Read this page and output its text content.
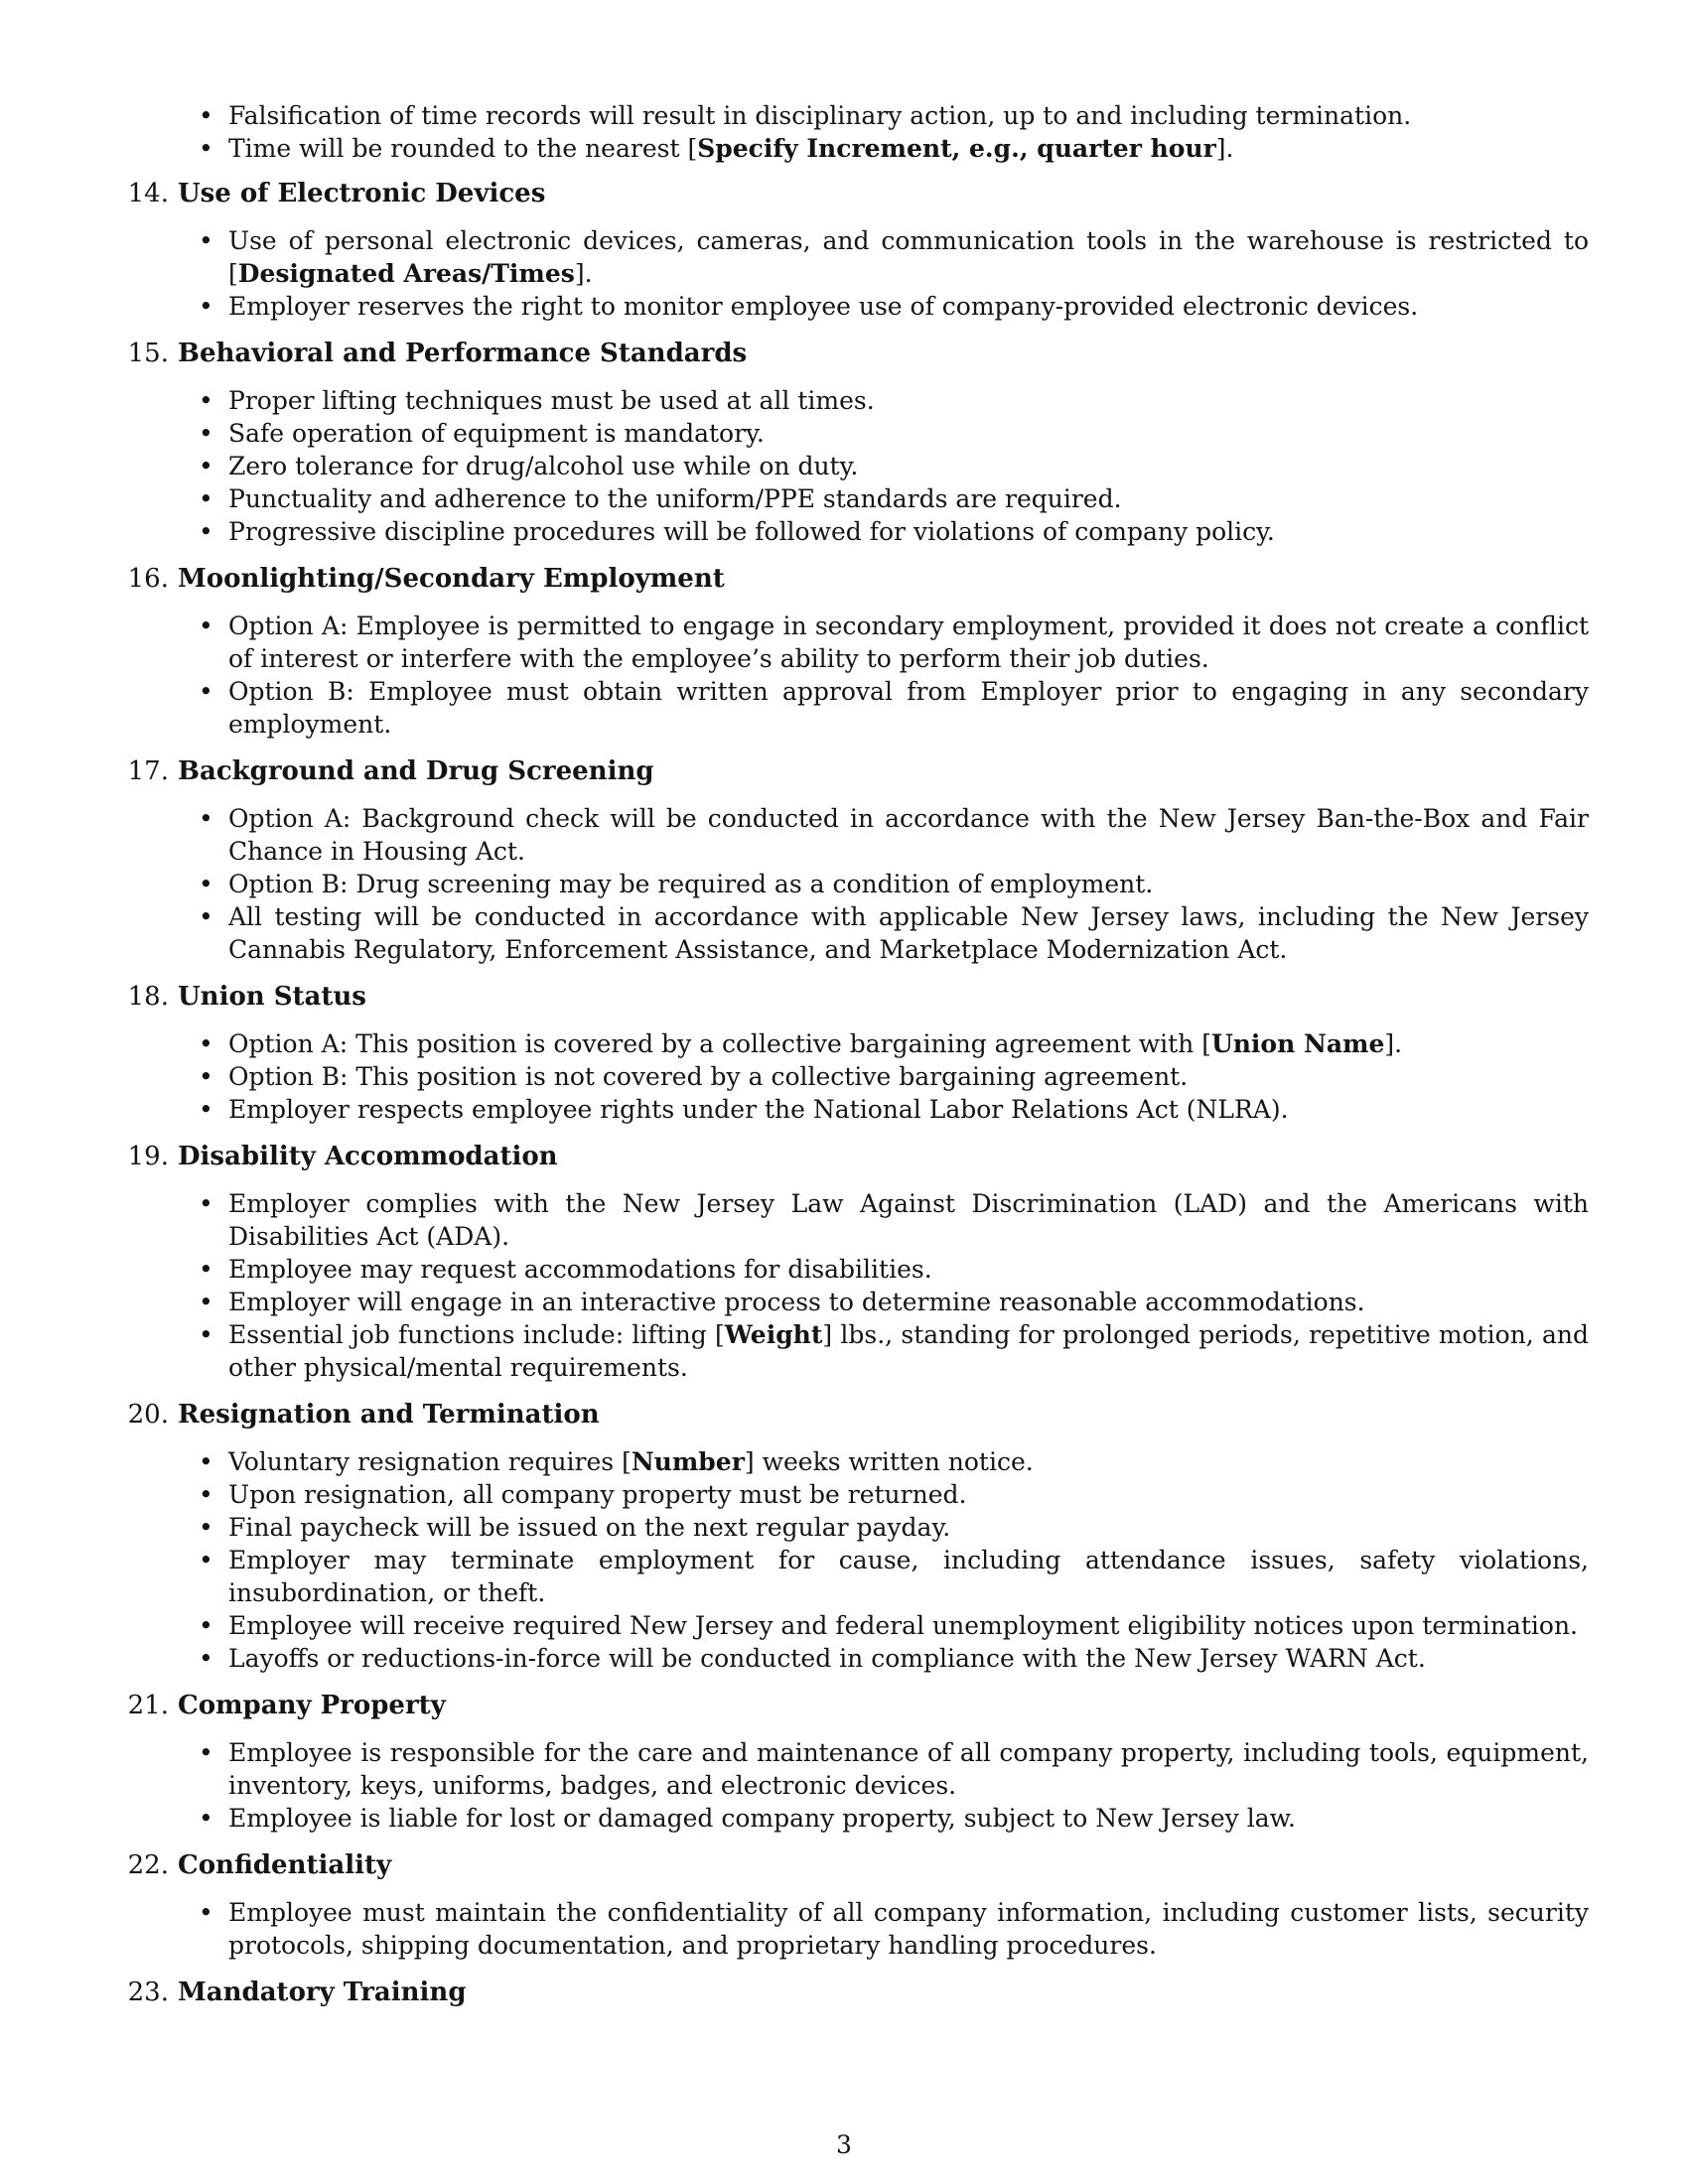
• Falsification of time records will result in disciplinary action, up to and including termination.
• Time will be rounded to the nearest [Specify Increment, e.g., quarter hour].
14. Use of Electronic Devices
• Use of personal electronic devices, cameras, and communication tools in the warehouse is restricted to [Designated Areas/Times].
• Employer reserves the right to monitor employee use of company-provided electronic devices.
15. Behavioral and Performance Standards
• Proper lifting techniques must be used at all times.
• Safe operation of equipment is mandatory.
• Zero tolerance for drug/alcohol use while on duty.
• Punctuality and adherence to the uniform/PPE standards are required.
• Progressive discipline procedures will be followed for violations of company policy.
16. Moonlighting/Secondary Employment
• Option A: Employee is permitted to engage in secondary employment, provided it does not create a conflict of interest or interfere with the employee’s ability to perform their job duties.
• Option B: Employee must obtain written approval from Employer prior to engaging in any secondary employment.
17. Background and Drug Screening
• Option A: Background check will be conducted in accordance with the New Jersey Ban-the-Box and Fair Chance in Housing Act.
• Option B: Drug screening may be required as a condition of employment.
• All testing will be conducted in accordance with applicable New Jersey laws, including the New Jersey Cannabis Regulatory, Enforcement Assistance, and Marketplace Modernization Act.
18. Union Status
• Option A: This position is covered by a collective bargaining agreement with [Union Name].
• Option B: This position is not covered by a collective bargaining agreement.
• Employer respects employee rights under the National Labor Relations Act (NLRA).
19. Disability Accommodation
• Employer complies with the New Jersey Law Against Discrimination (LAD) and the Americans with Disabilities Act (ADA).
• Employee may request accommodations for disabilities.
• Employer will engage in an interactive process to determine reasonable accommodations.
• Essential job functions include: lifting [Weight] lbs., standing for prolonged periods, repetitive motion, and other physical/mental requirements.
20. Resignation and Termination
• Voluntary resignation requires [Number] weeks written notice.
• Upon resignation, all company property must be returned.
• Final paycheck will be issued on the next regular payday.
• Employer may terminate employment for cause, including attendance issues, safety violations, insubordination, or theft.
• Employee will receive required New Jersey and federal unemployment eligibility notices upon termination.
• Layoffs or reductions-in-force will be conducted in compliance with the New Jersey WARN Act.
21. Company Property
• Employee is responsible for the care and maintenance of all company property, including tools, equipment, inventory, keys, uniforms, badges, and electronic devices.
• Employee is liable for lost or damaged company property, subject to New Jersey law.
22. Confidentiality
• Employee must maintain the confidentiality of all company information, including customer lists, security protocols, shipping documentation, and proprietary handling procedures.
23. Mandatory Training
3
